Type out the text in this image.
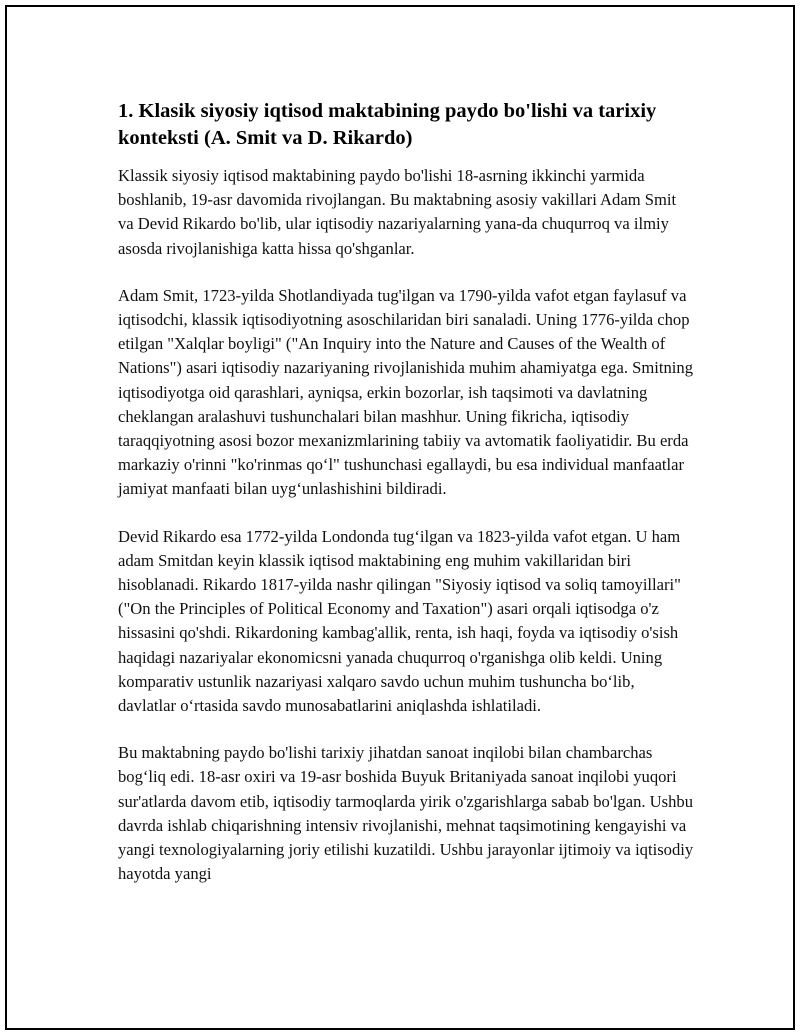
1. Klasik siyosiy iqtisod maktabining paydo bo'lishi va tarixiy konteksti (A. Smit va D. Rikardo)

Klassik siyosiy iqtisod maktabining paydo bo'lishi 18-asrning ikkinchi yarmida boshlanib, 19-asr davomida rivojlangan. Bu maktabning asosiy vakillari Adam Smit va Devid Rikardo bo'lib, ular iqtisodiy nazariyalarning yana-da chuqurroq va ilmiy asosda rivojlanishiga katta hissa qo'shganlar.

Adam Smit, 1723-yilda Shotlandiyada tug'ilgan va 1790-yilda vafot etgan faylasuf va iqtisodchi, klassik iqtisodiyotning asoschilaridan biri sanaladi. Uning 1776-yilda chop etilgan "Xalqlar boyligi" ("An Inquiry into the Nature and Causes of the Wealth of Nations") asari iqtisodiy nazariyaning rivojlanishida muhim ahamiyatga ega. Smitning iqtisodiyotga oid qarashlari, ayniqsa, erkin bozorlar, ish taqsimoti va davlatning cheklangan aralashuvi tushunchalari bilan mashhur. Uning fikricha, iqtisodiy taraqqiyotning asosi bozor mexanizmlarining tabiiy va avtomatik faoliyatidir. Bu erda markaziy o'rinni "ko'rinmas qo‘l" tushunchasi egallaydi, bu esa individual manfaatlar jamiyat manfaati bilan uyg‘unlashishini bildiradi.

Devid Rikardo esa 1772-yilda Londonda tug‘ilgan va 1823-yilda vafot etgan. U ham adam Smitdan keyin klassik iqtisod maktabining eng muhim vakillaridan biri hisoblanadi. Rikardo 1817-yilda nashr qilingan "Siyosiy iqtisod va soliq tamoyillari" ("On the Principles of Political Economy and Taxation") asari orqali iqtisodga o'z hissasini qo'shdi. Rikardoning kambag'allik, renta, ish haqi, foyda va iqtisodiy o'sish haqidagi nazariyalar ekonomicsni yanada chuqurroq o'rganishga olib keldi. Uning komparativ ustunlik nazariyasi xalqaro savdo uchun muhim tushuncha bo‘lib, davlatlar o‘rtasida savdo munosabatlarini aniqlashda ishlatiladi.

Bu maktabning paydo bo'lishi tarixiy jihatdan sanoat inqilobi bilan chambarchas bog‘liq edi. 18-asr oxiri va 19-asr boshida Buyuk Britaniyada sanoat inqilobi yuqori sur'atlarda davom etib, iqtisodiy tarmoqlarda yirik o'zgarishlarga sabab bo'lgan. Ushbu davrda ishlab chiqarishning intensiv rivojlanishi, mehnat taqsimotining kengayishi va yangi texnologiyalarning joriy etilishi kuzatildi. Ushbu jarayonlar ijtimoiy va iqtisodiy hayotda yangi
